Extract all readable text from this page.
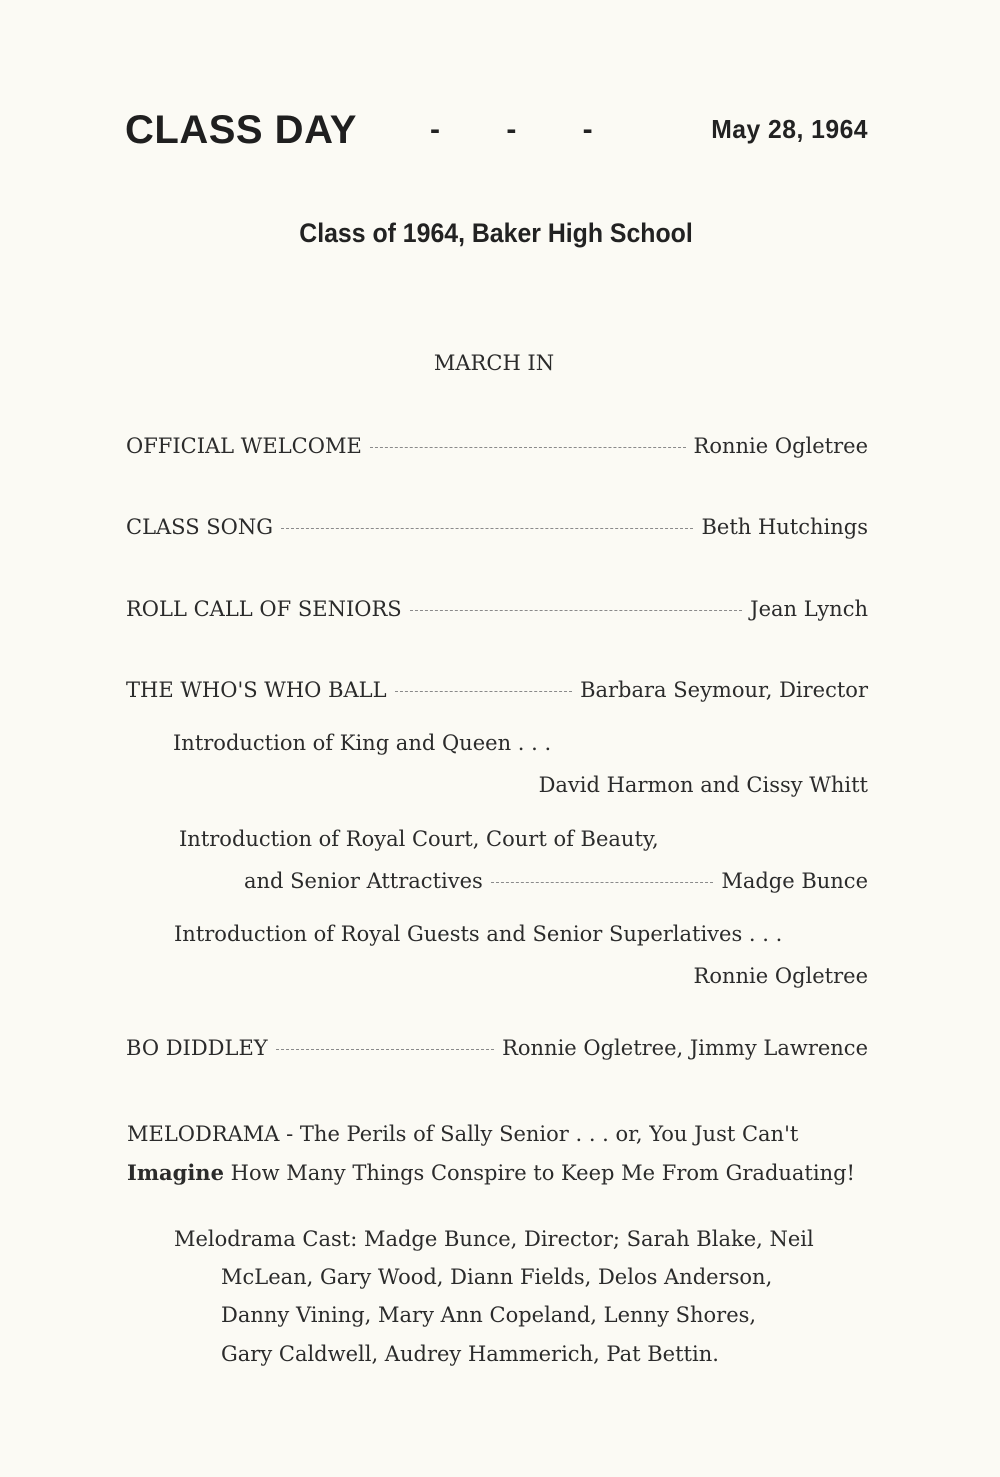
CLASS DAY - - -	May 28, 1964
Class of 1964, Baker High School
MARCH IN
OFFICIAL WELCOME	Ronnie Ogletree
CLASS SONG	Beth Hutchings
ROLL CALL OF SENIORS	Jean Lynch
THE WHO'S WHO BALL	Barbara Seymour, Director
Introduction of King and Queen . . .
David Harmon and Cissy Whitt
Introduction of Royal Court, Court of Beauty,
and Senior Attractives	Madge Bunce
Introduction of Royal Guests and Senior Superlatives . . .
Ronnie Ogletree
BO DIDDLEY	Ronnie Ogletree, Jimmy Lawrence
MELODRAMA - The Perils of Sally Senior . . . or, You Just Can't
Imagine How Many Things Conspire to Keep Me From Graduating!
Melodrama Cast: Madge Bunce, Director; Sarah Blake, Neil
McLean, Gary Wood, Diann Fields, Delos Anderson,
Danny Vining, Mary Ann Copeland, Lenny Shores,
Gary Caldwell, Audrey Hammerich, Pat Bettin.
